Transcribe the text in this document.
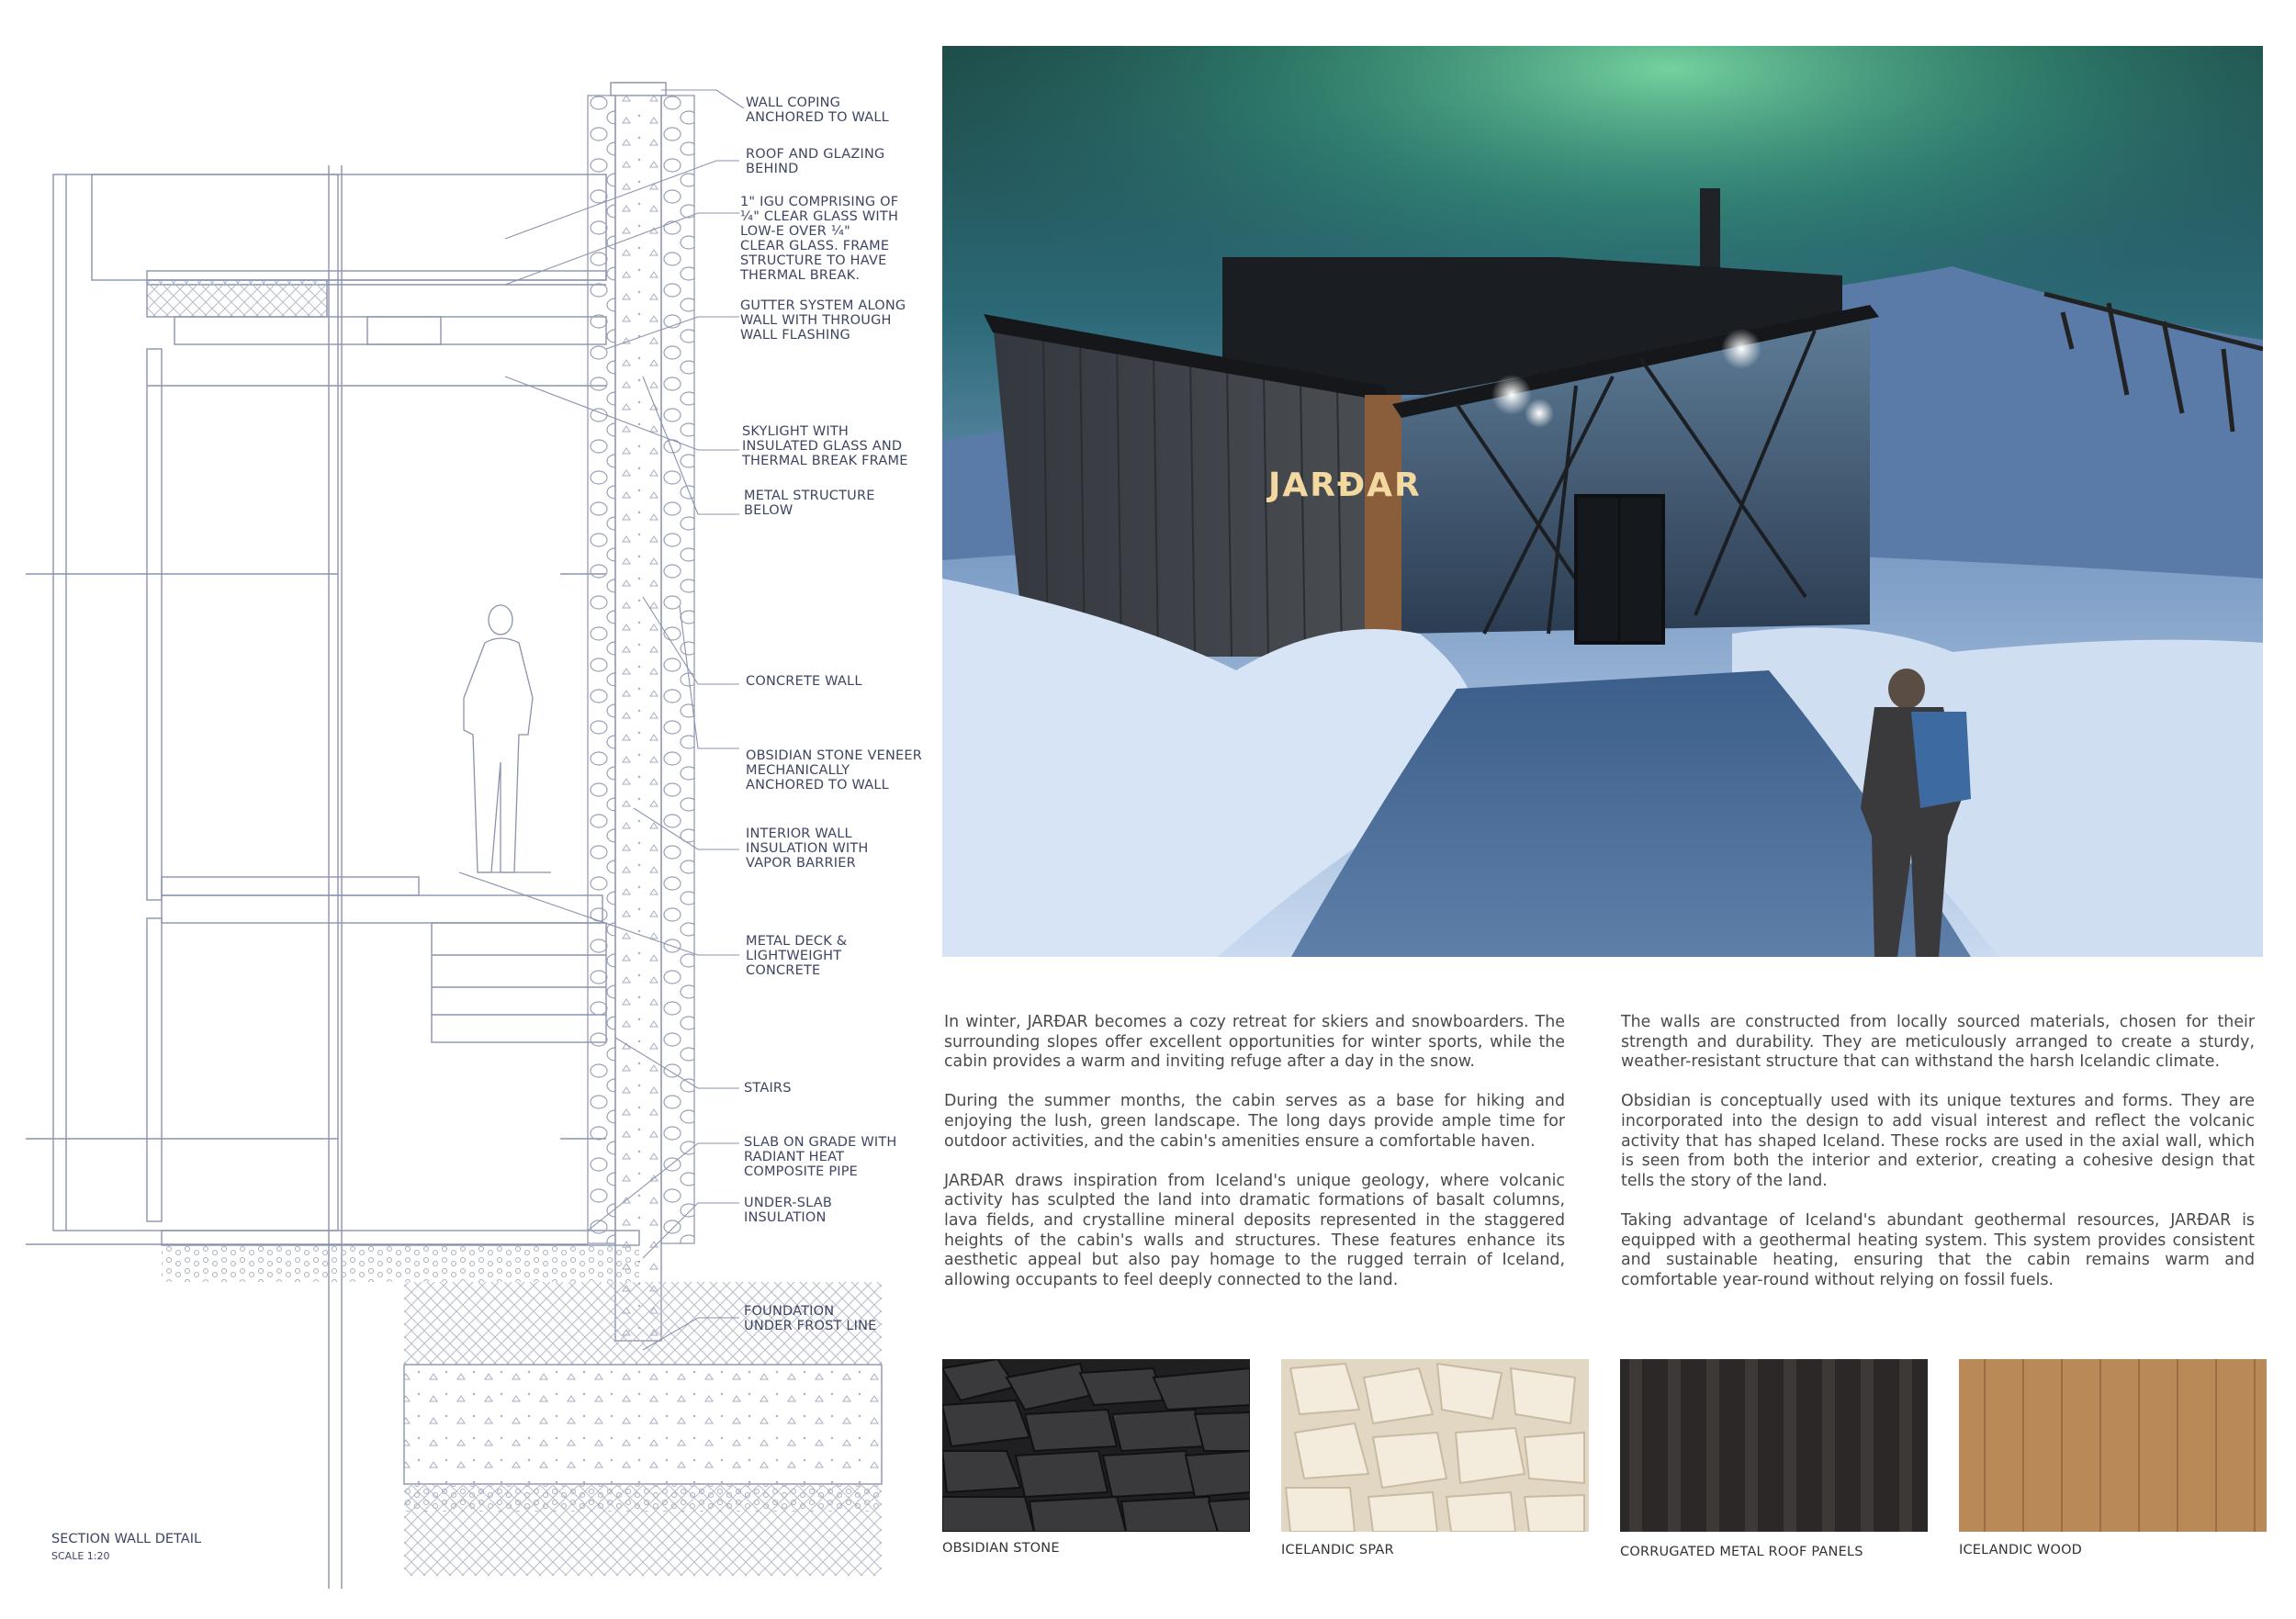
WALL COPING
ANCHORED TO WALL
ROOF AND GLAZING
BEHIND
1" IGU COMPRISING OF
¼" CLEAR GLASS WITH
LOW-E OVER ¼"
CLEAR GLASS. FRAME
STRUCTURE TO HAVE
THERMAL BREAK.
GUTTER SYSTEM ALONG
WALL WITH THROUGH
WALL FLASHING
SKYLIGHT WITH
INSULATED GLASS AND
THERMAL BREAK FRAME
METAL STRUCTURE
BELOW
CONCRETE WALL
OBSIDIAN STONE VENEER
MECHANICALLY
ANCHORED TO WALL
INTERIOR WALL
INSULATION WITH
VAPOR BARRIER
METAL DECK &
LIGHTWEIGHT
CONCRETE
STAIRS
SLAB ON GRADE WITH
RADIANT HEAT
COMPOSITE PIPE
UNDER-SLAB
INSULATION
FOUNDATION
UNDER FROST LINE
SECTION WALL DETAIL
SCALE 1:20
JARÐAR

In winter, JARÐAR becomes a cozy retreat for skiers and snowboarders. The surrounding slopes offer excellent opportunities for winter sports, while the cabin provides a warm and inviting refuge after a day in the snow.

During the summer months, the cabin serves as a base for hiking and enjoying the lush, green landscape. The long days provide ample time for outdoor activities, and the cabin's amenities ensure a comfortable haven.

JARÐAR draws inspiration from Iceland's unique geology, where volcanic activity has sculpted the land into dramatic formations of basalt columns, lava fields, and crystalline mineral deposits represented in the staggered heights of the cabin's walls and structures. These features enhance its aesthetic appeal but also pay homage to the rugged terrain of Iceland, allowing occupants to feel deeply connected to the land.

The walls are constructed from locally sourced materials, chosen for their strength and durability. They are meticulously arranged to create a sturdy, weather-resistant structure that can withstand the harsh Icelandic climate.

Obsidian is conceptually used with its unique textures and forms. They are incorporated into the design to add visual interest and reflect the volcanic activity that has shaped Iceland. These rocks are used in the axial wall, which is seen from both the interior and exterior, creating a cohesive design that tells the story of the land.

Taking advantage of Iceland's abundant geothermal resources, JARÐAR is equipped with a geothermal heating system. This system provides consistent and sustainable heating, ensuring that the cabin remains warm and comfortable year-round without relying on fossil fuels.

OBSIDIAN STONE	ICELANDIC SPAR	CORRUGATED METAL ROOF PANELS	ICELANDIC WOOD
